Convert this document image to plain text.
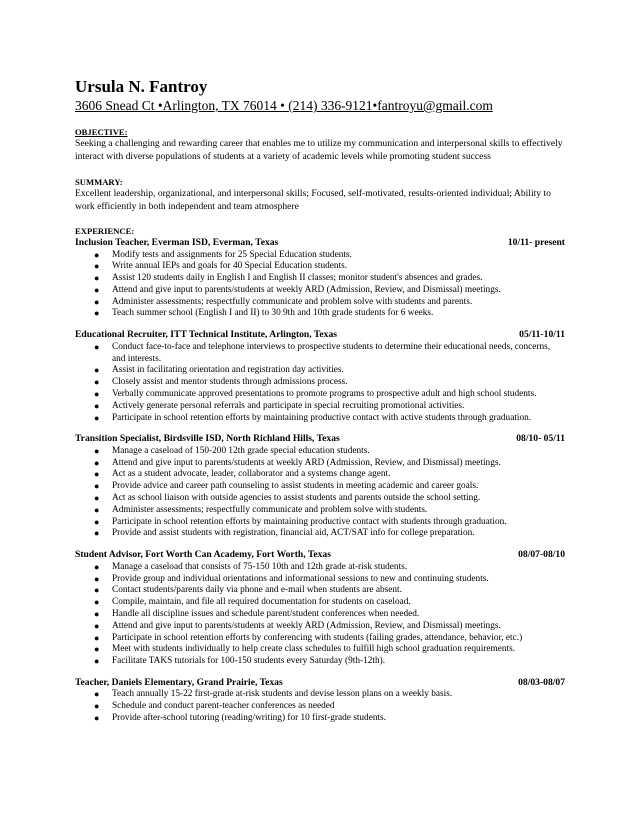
Ursula N. Fantroy
3606 Snead Ct •Arlington, TX 76014 • (214) 336-9121•fantroyu@gmail.com
OBJECTIVE:
Seeking a challenging and rewarding career that enables me to utilize my communication and interpersonal skills to effectively interact with diverse populations of students at a variety of academic levels while promoting student success
SUMMARY:
Excellent leadership, organizational, and interpersonal skills; Focused, self-motivated, results-oriented individual; Ability to work efficiently in both independent and team atmosphere
EXPERIENCE:
Inclusion Teacher, Everman ISD, Everman, Texas	10/11- present
● Modify tests and assignments for 25 Special Education students.
● Write annual IEPs and goals for 40 Special Education students.
● Assist 120 students daily in English I and English II classes; monitor student's absences and grades.
● Attend and give input to parents/students at weekly ARD (Admission, Review, and Dismissal) meetings.
● Administer assessments; respectfully communicate and problem solve with students and parents.
● Teach summer school (English I and II) to 30 9th and 10th grade students for 6 weeks.
Educational Recruiter, ITT Technical Institute, Arlington, Texas	05/11-10/11
● Conduct face-to-face and telephone interviews to prospective students to determine their educational needs, concerns, and interests.
● Assist in facilitating orientation and registration day activities.
● Closely assist and mentor students through admissions process.
● Verbally communicate approved presentations to promote programs to prospective adult and high school students.
● Actively generate personal referrals and participate in special recruiting promotional activities.
● Participate in school retention efforts by maintaining productive contact with active students through graduation.
Transition Specialist, Birdsville ISD, North Richland Hills, Texas	08/10- 05/11
● Manage a caseload of 150-200 12th grade special education students.
● Attend and give input to parents/students at weekly ARD (Admission, Review, and Dismissal) meetings.
● Act as a student advocate, leader, collaborator and a systems change agent.
● Provide advice and career path counseling to assist students in meeting academic and career goals.
● Act as school liaison with outside agencies to assist students and parents outside the school setting.
● Administer assessments; respectfully communicate and problem solve with students.
● Participate in school retention efforts by maintaining productive contact with students through graduation.
● Provide and assist students with registration, financial aid, ACT/SAT info for college preparation.
Student Advisor, Fort Worth Can Academy, Fort Worth, Texas	08/07-08/10
● Manage a caseload that consists of 75-150 10th and 12th grade at-risk students.
● Provide group and individual orientations and informational sessions to new and continuing students.
● Contact students/parents daily via phone and e-mail when students are absent.
● Compile, maintain, and file all required documentation for students on caseload.
● Handle all discipline issues and schedule parent/student conferences when needed.
● Attend and give input to parents/students at weekly ARD (Admission, Review, and Dismissal) meetings.
● Participate in school retention efforts by conferencing with students (failing grades, attendance, behavior, etc.)
● Meet with students individually to help create class schedules to fulfill high school graduation requirements.
● Facilitate TAKS tutorials for 100-150 students every Saturday (9th-12th).
Teacher, Daniels Elementary, Grand Prairie, Texas	08/03-08/07
● Teach annually 15-22 first-grade at-risk students and devise lesson plans on a weekly basis.
● Schedule and conduct parent-teacher conferences as needed
● Provide after-school tutoring (reading/writing) for 10 first-grade students.
